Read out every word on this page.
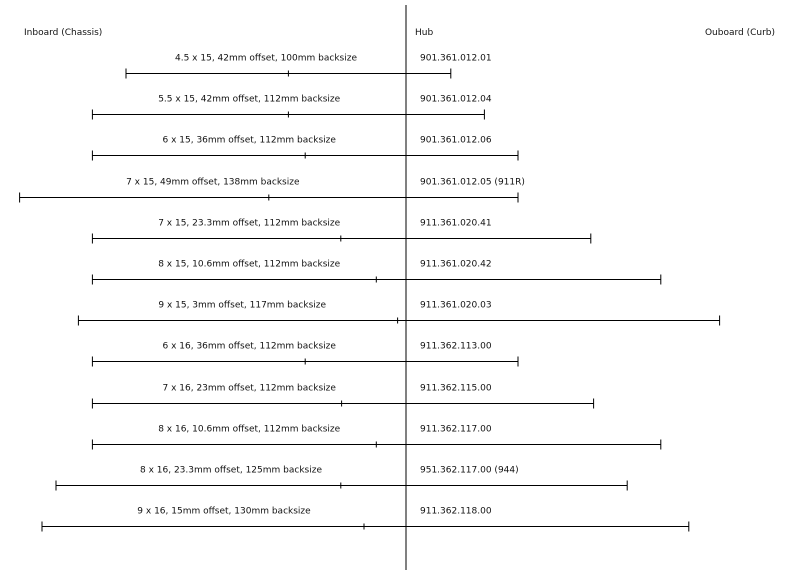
Inboard (Chassis)	Hub	Ouboard (Curb)
4.5 x 15, 42mm offset, 100mm backsize	901.361.012.01
5.5 x 15, 42mm offset, 112mm backsize	901.361.012.04
6 x 15, 36mm offset, 112mm backsize	901.361.012.06
7 x 15, 49mm offset, 138mm backsize	901.361.012.05 (911R)
7 x 15, 23.3mm offset, 112mm backsize	911.361.020.41
8 x 15, 10.6mm offset, 112mm backsize	911.361.020.42
9 x 15, 3mm offset, 117mm backsize	911.361.020.03
6 x 16, 36mm offset, 112mm backsize	911.362.113.00
7 x 16, 23mm offset, 112mm backsize	911.362.115.00
8 x 16, 10.6mm offset, 112mm backsize	911.362.117.00
8 x 16, 23.3mm offset, 125mm backsize	951.362.117.00 (944)
9 x 16, 15mm offset, 130mm backsize	911.362.118.00
